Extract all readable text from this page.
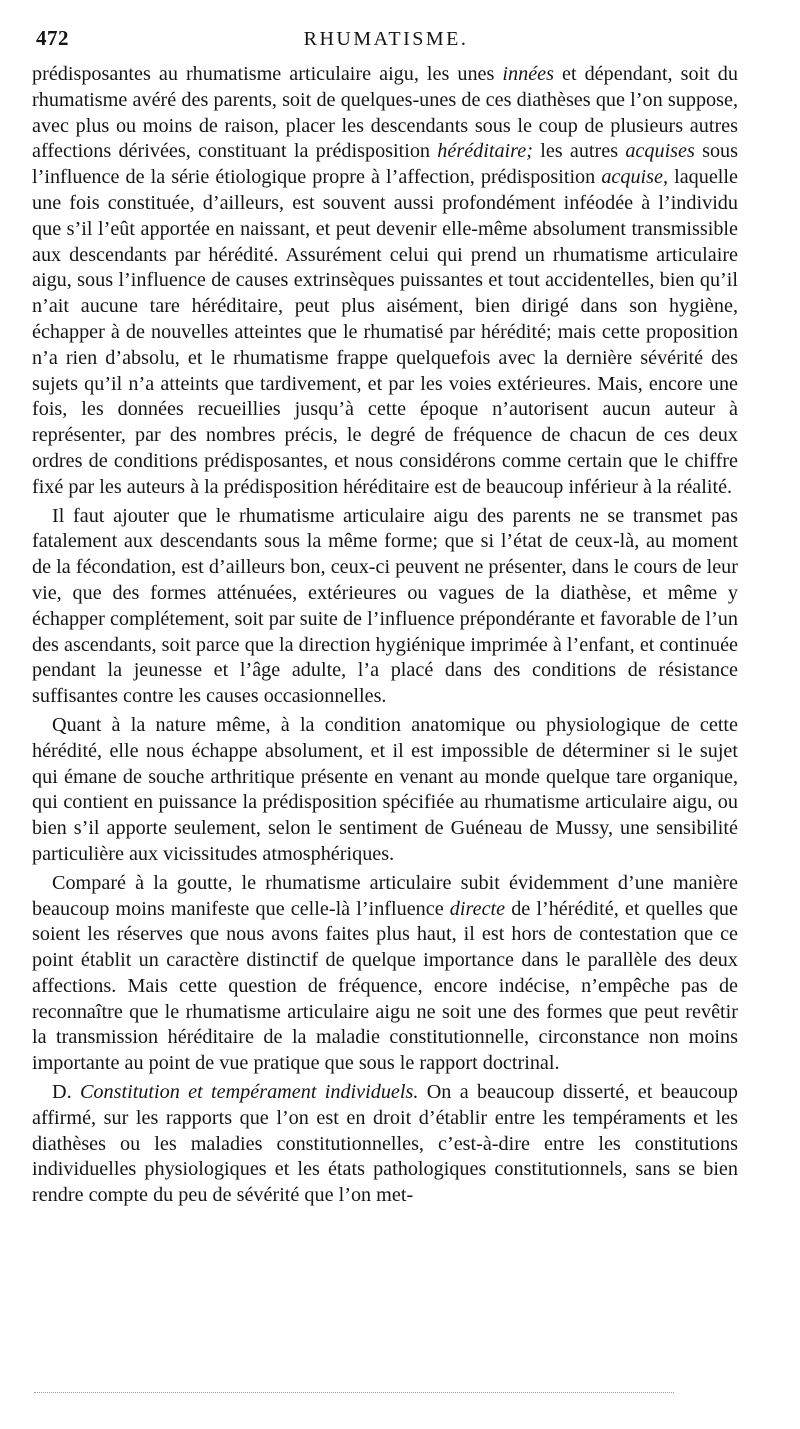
472	RHUMATISME.

prédisposantes au rhumatisme articulaire aigu, les unes innées et dépendant, soit du rhumatisme avéré des parents, soit de quelques-unes de ces diathèses que l’on suppose, avec plus ou moins de raison, placer les descendants sous le coup de plusieurs autres affections dérivées, constituant la prédisposition héréditaire; les autres acquises sous l’influence de la série étiologique propre à l’affection, prédisposition acquise, laquelle une fois constituée, d’ailleurs, est souvent aussi profondément inféodée à l’individu que s’il l’eût apportée en naissant, et peut devenir elle-même absolument transmissible aux descendants par hérédité. Assurément celui qui prend un rhumatisme articulaire aigu, sous l’influence de causes extrinsèques puissantes et tout accidentelles, bien qu’il n’ait aucune tare héréditaire, peut plus aisément, bien dirigé dans son hygiène, échapper à de nouvelles atteintes que le rhumatisé par hérédité; mais cette proposition n’a rien d’absolu, et le rhumatisme frappe quelquefois avec la dernière sévérité des sujets qu’il n’a atteints que tardivement, et par les voies extérieures. Mais, encore une fois, les données recueillies jusqu’à cette époque n’autorisent aucun auteur à représenter, par des nombres précis, le degré de fréquence de chacun de ces deux ordres de conditions prédisposantes, et nous considérons comme certain que le chiffre fixé par les auteurs à la prédisposition héréditaire est de beaucoup inférieur à la réalité.

Il faut ajouter que le rhumatisme articulaire aigu des parents ne se transmet pas fatalement aux descendants sous la même forme; que si l’état de ceux-là, au moment de la fécondation, est d’ailleurs bon, ceux-ci peuvent ne présenter, dans le cours de leur vie, que des formes atténuées, extérieures ou vagues de la diathèse, et même y échapper complétement, soit par suite de l’influence prépondérante et favorable de l’un des ascendants, soit parce que la direction hygiénique imprimée à l’enfant, et continuée pendant la jeunesse et l’âge adulte, l’a placé dans des conditions de résistance suffisantes contre les causes occasionnelles.

Quant à la nature même, à la condition anatomique ou physiologique de cette hérédité, elle nous échappe absolument, et il est impossible de déterminer si le sujet qui émane de souche arthritique présente en venant au monde quelque tare organique, qui contient en puissance la prédisposition spécifiée au rhumatisme articulaire aigu, ou bien s’il apporte seulement, selon le sentiment de Guéneau de Mussy, une sensibilité particulière aux vicissitudes atmosphériques.

Comparé à la goutte, le rhumatisme articulaire subit évidemment d’une manière beaucoup moins manifeste que celle-là l’influence directe de l’hérédité, et quelles que soient les réserves que nous avons faites plus haut, il est hors de contestation que ce point établit un caractère distinctif de quelque importance dans le parallèle des deux affections. Mais cette question de fréquence, encore indécise, n’empêche pas de reconnaître que le rhumatisme articulaire aigu ne soit une des formes que peut revêtir la transmission héréditaire de la maladie constitutionnelle, circonstance non moins importante au point de vue pratique que sous le rapport doctrinal.

D. Constitution et tempérament individuels. On a beaucoup disserté, et beaucoup affirmé, sur les rapports que l’on est en droit d’établir entre les tempéraments et les diathèses ou les maladies constitutionnelles, c’est-à-dire entre les constitutions individuelles physiologiques et les états pathologiques constitutionnels, sans se bien rendre compte du peu de sévérité que l’on met-
